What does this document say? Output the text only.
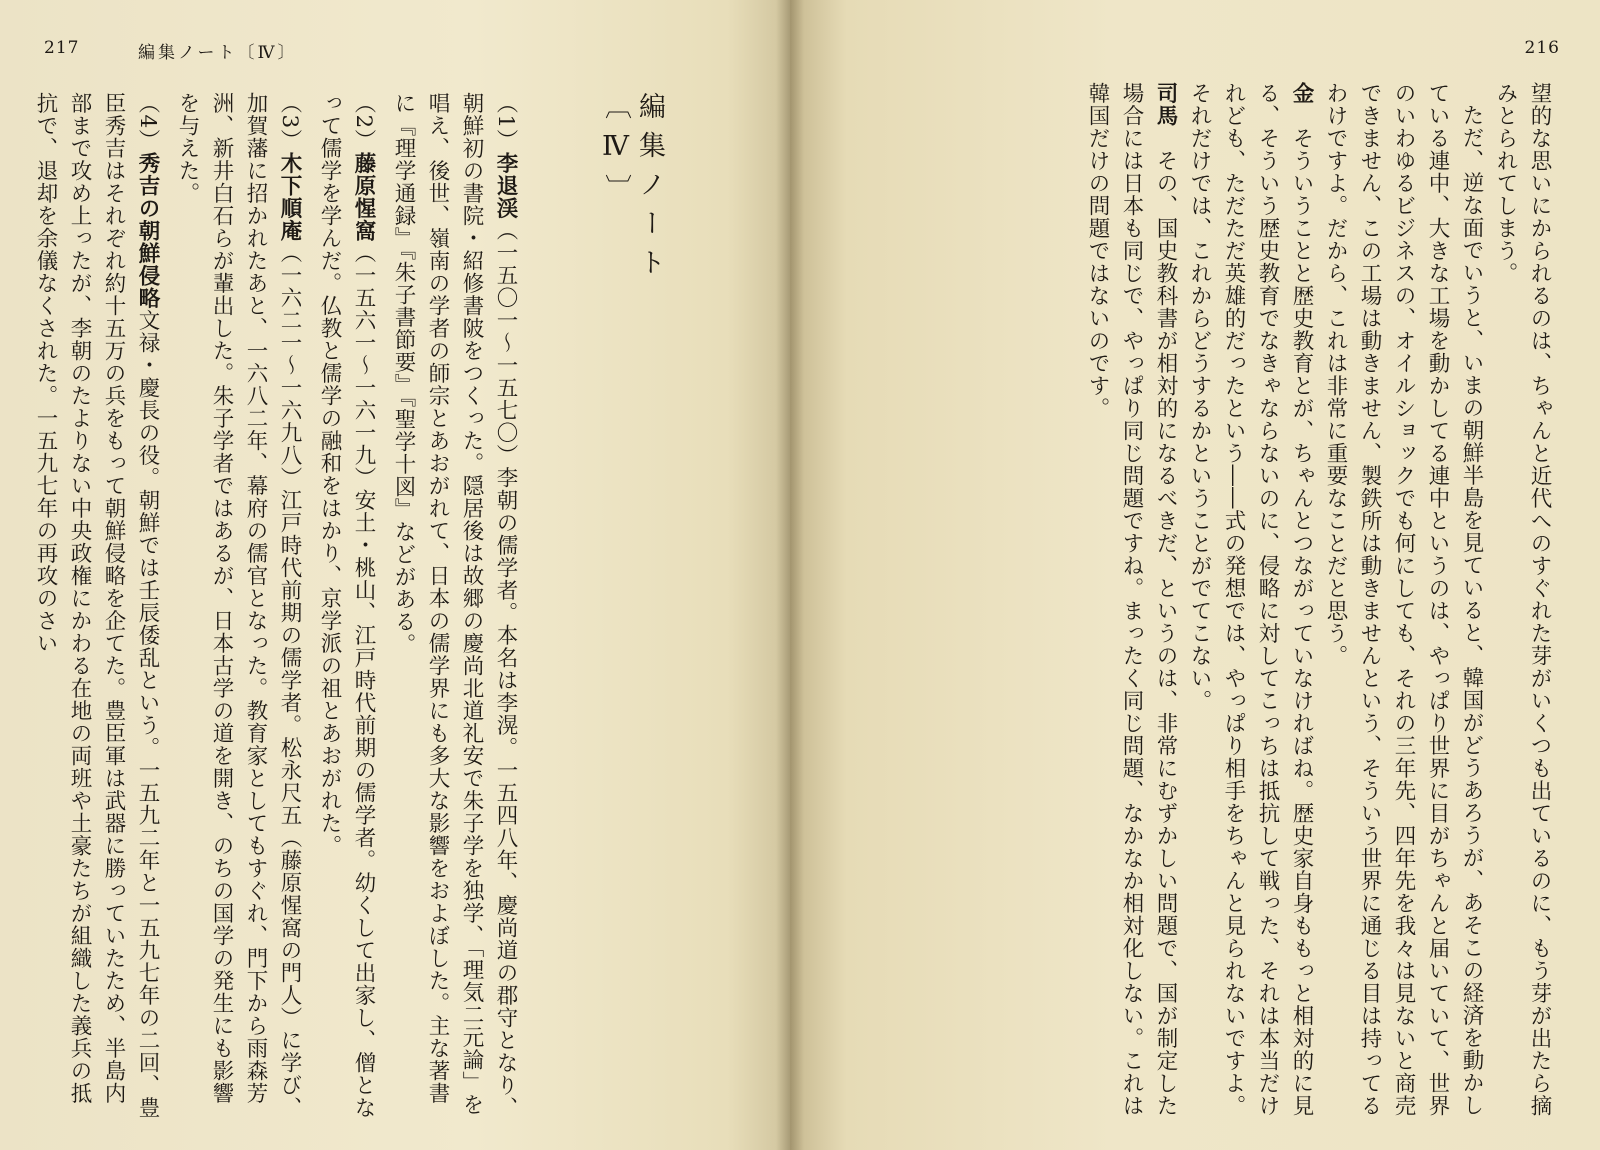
217	編集ノート〔Ⅳ〕
編集ノート〔Ⅳ〕

（1）李退渓（一五〇一～一五七〇）李朝の儒学者。本名は李滉。一五四八年、慶尚道の郡守となり、朝鮮初の書院・紹修書陂をつくった。隠居後は故郷の慶尚北道礼安で朱子学を独学、「理気二元論」を唱え、後世、嶺南の学者の師宗とあおがれて、日本の儒学界にも多大な影響をおよぼした。主な著書に『理学通録』『朱子書節要』『聖学十図』などがある。

（2）藤原惺窩（一五六一～一六一九）安土・桃山、江戸時代前期の儒学者。幼くして出家し、僧となって儒学を学んだ。仏教と儒学の融和をはかり、京学派の祖とあおがれた。

（3）木下順庵（一六二一～一六九八）江戸時代前期の儒学者。松永尺五（藤原惺窩の門人）に学び、加賀藩に招かれたあと、一六八二年、幕府の儒官となった。教育家としてもすぐれ、門下から雨森芳洲、新井白石らが輩出した。朱子学者ではあるが、日本古学の道を開き、のちの国学の発生にも影響を与えた。

（4）秀吉の朝鮮侵略文禄・慶長の役。朝鮮では壬辰倭乱という。一五九二年と一五九七年の二回、豊臣秀吉はそれぞれ約十五万の兵をもって朝鮮侵略を企てた。豊臣軍は武器に勝っていたため、半島内部まで攻め上ったが、李朝のたよりない中央政権にかわる在地の両班や土豪たちが組織した義兵の抵抗で、退却を余儀なくされた。一五九七年の再攻のさい

216

望的な思いにかられるのは、ちゃんと近代へのすぐれた芽がいくつも出ているのに、もう芽が出たら摘みとられてしまう。

ただ、逆な面でいうと、いまの朝鮮半島を見ていると、韓国がどうあろうが、あそこの経済を動かしている連中、大きな工場を動かしてる連中というのは、やっぱり世界に目がちゃんと届いていて、世界のいわゆるビジネスの、オイルショックでも何にしても、それの三年先、四年先を我々は見ないと商売できません、この工場は動きません、製鉄所は動きませんという、そういう世界に通じる目は持ってるわけですよ。だから、これは非常に重要なことだと思う。

金　そういうことと歴史教育とが、ちゃんとつながっていなければね。歴史家自身ももっと相対的に見る、そういう歴史教育でなきゃならないのに、侵略に対してこっちは抵抗して戦った、それは本当だけれども、ただただ英雄的だったという――式の発想では、やっぱり相手をちゃんと見られないですよ。それだけでは、これからどうするかということがでてこない。

司馬　その、国史教科書が相対的になるべきだ、というのは、非常にむずかしい問題で、国が制定した場合には日本も同じで、やっぱり同じ問題ですね。まったく同じ問題、なかなか相対化しない。これは韓国だけの問題ではないのです。
